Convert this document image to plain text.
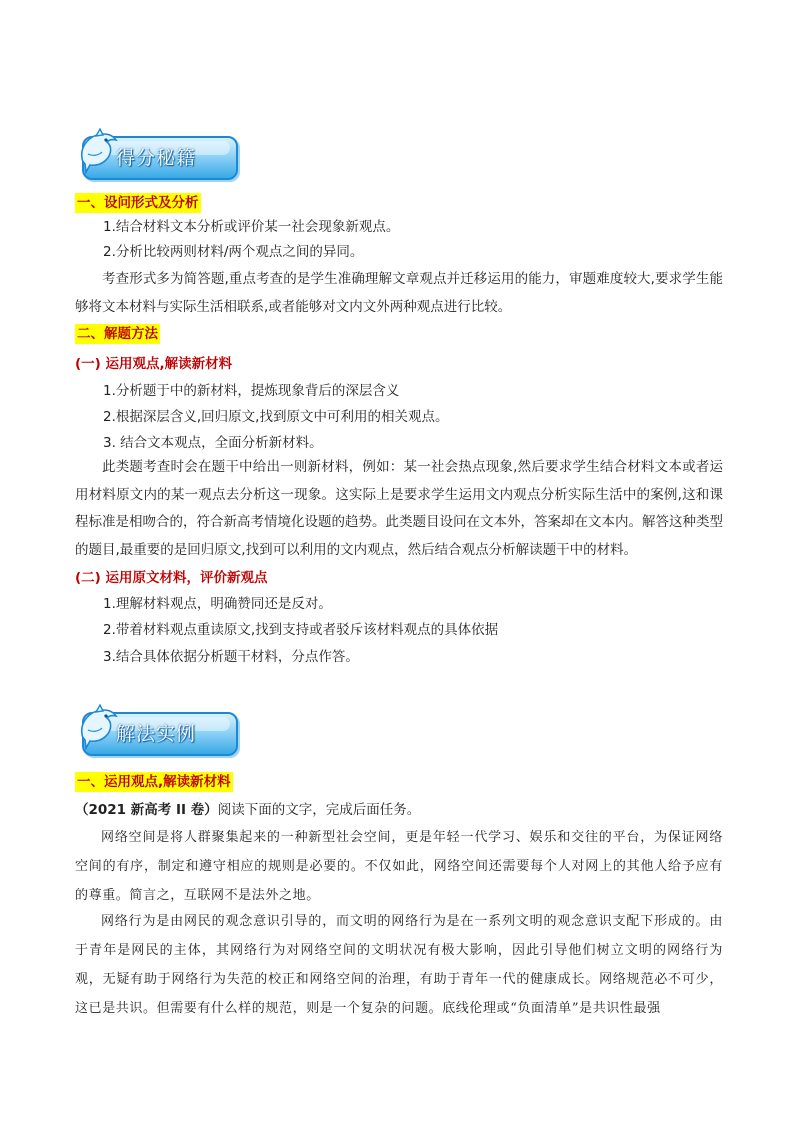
得分秘籍
一、设问形式及分析
1.结合材料文本分析或评价某一社会现象新观点。
2.分析比较两则材料/两个观点之间的异同。

考查形式多为简答题,重点考查的是学生准确理解文章观点并迁移运用的能力，审题难度较大,要求学生能够将文本材料与实际生活相联系,或者能够对文内文外两种观点进行比较。

二、解题方法
(一) 运用观点,解读新材料
1.分析题于中的新材料，提炼现象背后的深层含义
2.根据深层含义,回归原文,找到原文中可利用的相关观点。
3. 结合文本观点，全面分析新材料。

此类题考查时会在题干中给出一则新材料，例如：某一社会热点现象,然后要求学生结合材料文本或者运用材料原文内的某一观点去分析这一现象。这实际上是要求学生运用文内观点分析实际生活中的案例,这和课程标准是相吻合的，符合新高考情境化设题的趋势。此类题目设问在文本外，答案却在文本内。解答这种类型的题目,最重要的是回归原文,找到可以利用的文内观点，然后结合观点分析解读题干中的材料。

(二) 运用原文材料，评价新观点
1.理解材料观点，明确赞同还是反对。
2.带着材料观点重读原文,找到支持或者驳斥该材料观点的具体依据
3.结合具体依据分析题干材料，分点作答。
解法实例
一、运用观点,解读新材料
（2021 新高考 II 卷）阅读下面的文字，完成后面任务。

网络空间是将人群聚集起来的一种新型社会空间，更是年轻一代学习、娱乐和交往的平台，为保证网络空间的有序，制定和遵守相应的规则是必要的。不仅如此，网络空间还需要每个人对网上的其他人给予应有的尊重。简言之，互联网不是法外之地。

网络行为是由网民的观念意识引导的，而文明的网络行为是在一系列文明的观念意识支配下形成的。由于青年是网民的主体，其网络行为对网络空间的文明状况有极大影响，因此引导他们树立文明的网络行为观，无疑有助于网络行为失范的校正和网络空间的治理，有助于青年一代的健康成长。网络规范必不可少，这已是共识。但需要有什么样的规范，则是一个复杂的问题。底线伦理或“负面清单”是共识性最强
